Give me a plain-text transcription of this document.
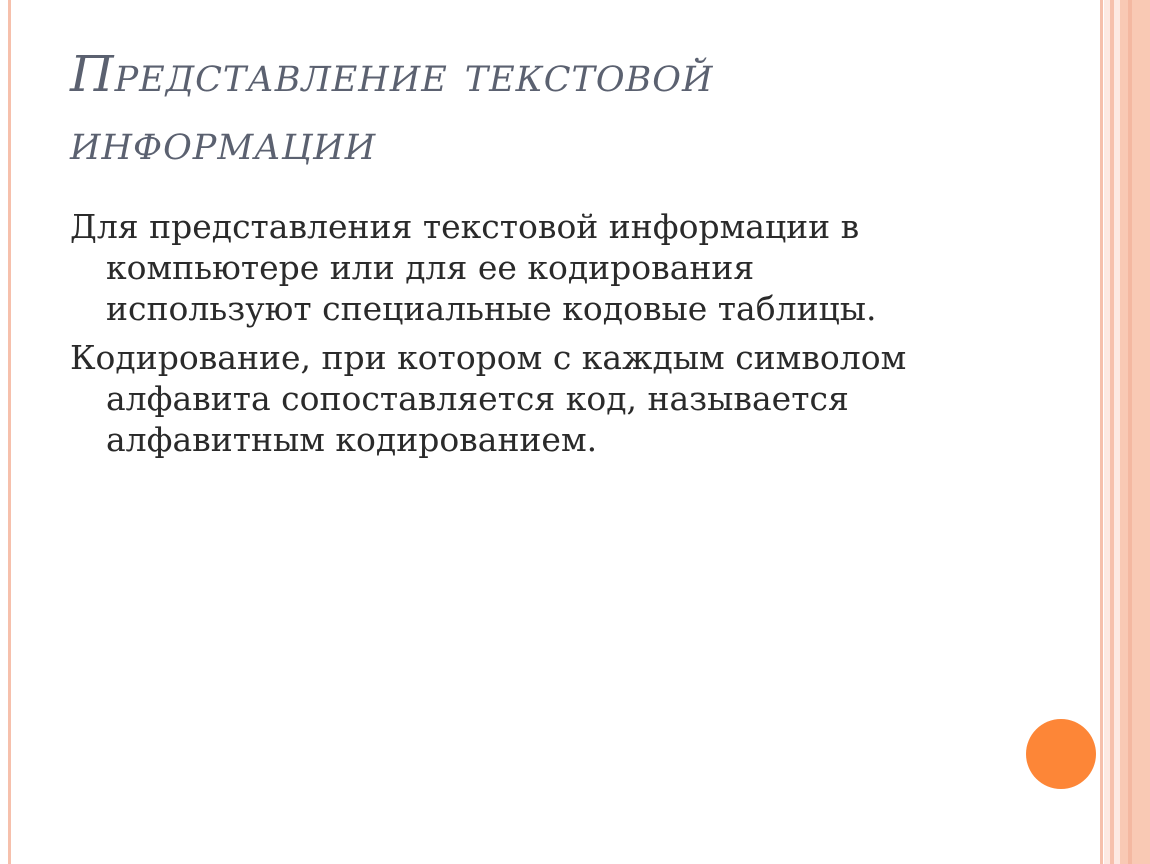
Представление текстовой
информации

Для представления текстовой информации в
компьютере или для ее кодирования
используют специальные кодовые таблицы.

Кодирование, при котором с каждым символом
алфавита сопоставляется код, называется
алфавитным кодированием.
